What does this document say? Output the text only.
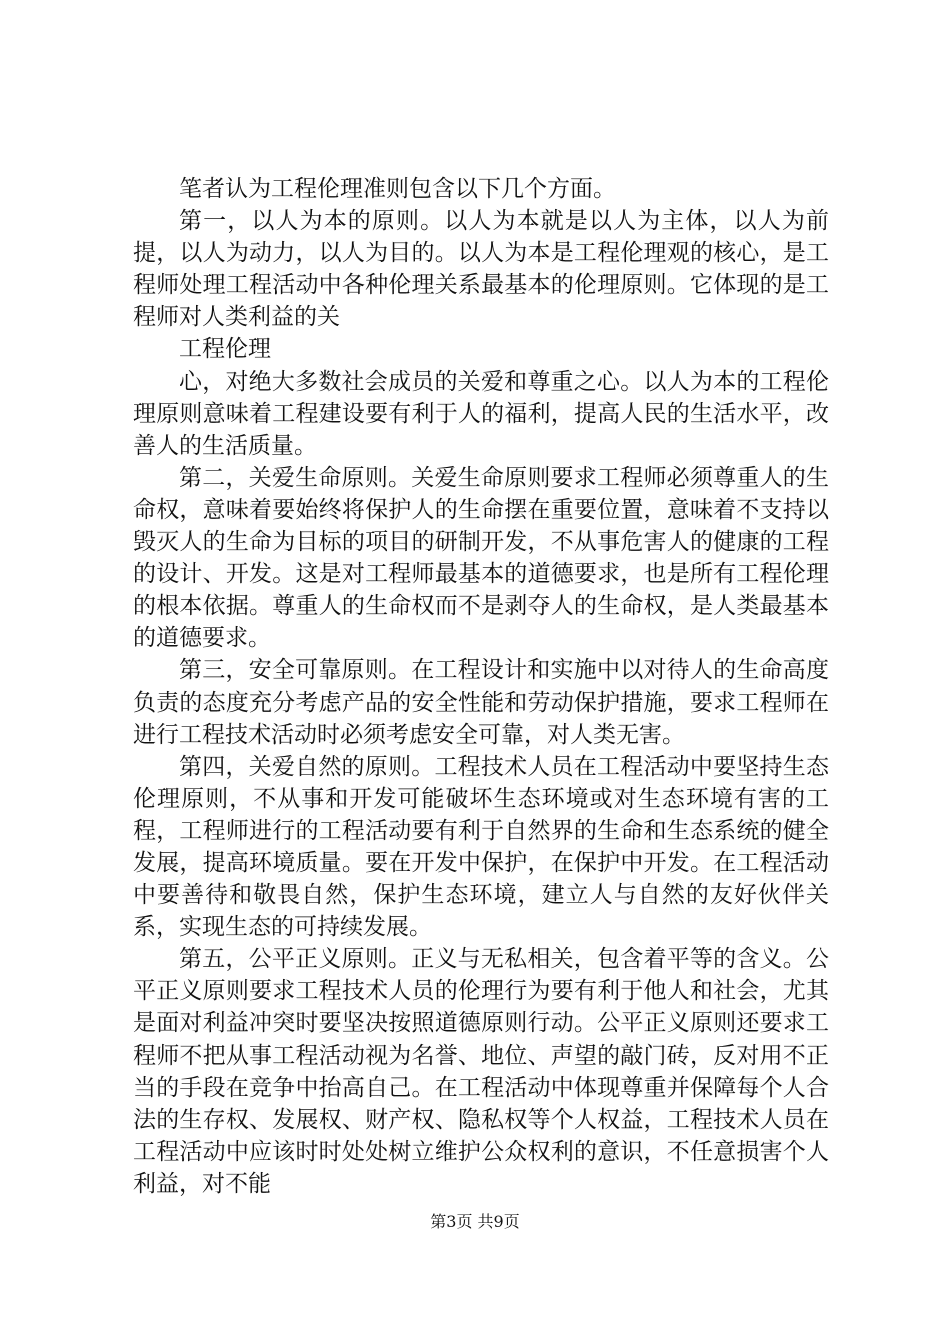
笔者认为工程伦理准则包含以下几个方面。

第一，以人为本的原则。以人为本就是以人为主体，以人为前提，以人为动力，以人为目的。以人为本是工程伦理观的核心，是工程师处理工程活动中各种伦理关系最基本的伦理原则。它体现的是工程师对人类利益的关

工程伦理

心，对绝大多数社会成员的关爱和尊重之心。以人为本的工程伦理原则意味着工程建设要有利于人的福利，提高人民的生活水平，改善人的生活质量。

第二，关爱生命原则。关爱生命原则要求工程师必须尊重人的生命权，意味着要始终将保护人的生命摆在重要位置，意味着不支持以毁灭人的生命为目标的项目的研制开发，不从事危害人的健康的工程的设计、开发。这是对工程师最基本的道德要求，也是所有工程伦理的根本依据。尊重人的生命权而不是剥夺人的生命权，是人类最基本的道德要求。

第三，安全可靠原则。在工程设计和实施中以对待人的生命高度负责的态度充分考虑产品的安全性能和劳动保护措施，要求工程师在进行工程技术活动时必须考虑安全可靠，对人类无害。

第四，关爱自然的原则。工程技术人员在工程活动中要坚持生态伦理原则，不从事和开发可能破坏生态环境或对生态环境有害的工程，工程师进行的工程活动要有利于自然界的生命和生态系统的健全发展，提高环境质量。要在开发中保护，在保护中开发。在工程活动中要善待和敬畏自然，保护生态环境，建立人与自然的友好伙伴关系，实现生态的可持续发展。

第五，公平正义原则。正义与无私相关，包含着平等的含义。公平正义原则要求工程技术人员的伦理行为要有利于他人和社会，尤其是面对利益冲突时要坚决按照道德原则行动。公平正义原则还要求工程师不把从事工程活动视为名誉、地位、声望的敲门砖，反对用不正当的手段在竞争中抬高自己。在工程活动中体现尊重并保障每个人合法的生存权、发展权、财产权、隐私权等个人权益，工程技术人员在工程活动中应该时时处处树立维护公众权利的意识，不任意损害个人利益，对不能

第3页 共9页
